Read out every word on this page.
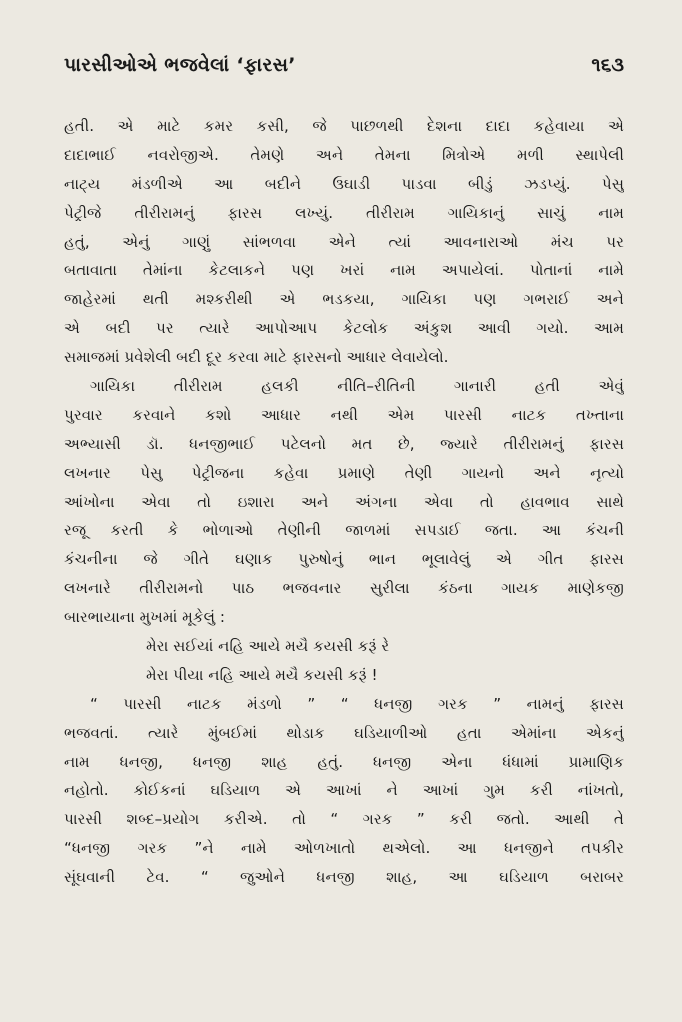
પારસીઓએ ભજવેલાં ‘ફારસ’	૧૬૩
હતી. એ માટે કમર કસી, જે પાછળથી દેશના દાદા કહેવાયા એ
દાદાભાઈ નવરોજીએ. તેમણે અને તેમના મિત્રોએ મળી સ્થાપેલી
નાટ્ય મંડળીએ આ બદીને ઉઘાડી પાડવા બીડું ઝડપ્યું. પેસુ
પેટ્રીજે તીરીરામનું ફારસ લખ્યું. તીરીરામ ગાયિકાનું સાચું નામ
હતું, એનું ગાણું સાંભળવા એને ત્યાં આવનારાઓ મંચ પર
બતાવાતા તેમાંના કેટલાકને પણ ખરાં નામ અપાયેલાં. પોતાનાં નામે
જાહેરમાં થતી મશ્કરીથી એ ભડકયા, ગાયિકા પણ ગભરાઈ અને
એ બદી પર ત્યારે આપોઆપ કેટલોક અંકુશ આવી ગયો. આમ
સમાજમાં પ્રવેશેલી બદી દૂર કરવા માટે ફારસનો આધાર લેવાયેલો.
ગાયિકા તીરીરામ હલકી નીતિ–રીતિની ગાનારી હતી એવું
પુરવાર કરવાને કશો આધાર નથી એમ પારસી નાટક તખ્તાના
અભ્યાસી ડૉ. ધનજીભાઈ પટેલનો મત છે, જ્યારે તીરીરામનું ફારસ
લખનાર પેસુ પેટ્રીજના કહેવા પ્રમાણે તેણી ગાયનો અને નૃત્યો
આંખોના એવા તો ઇશારા અને અંગના એવા તો હાવભાવ સાથે
રજૂ કરતી કે ભોળાઓ તેણીની જાળમાં સપડાઈ જતા. આ કંચની
કંચનીના જે ગીતે ઘણાક પુરુષોનું ભાન ભૂલાવેલું એ ગીત ફારસ
લખનારે તીરીરામનો પાઠ ભજવનાર સુરીલા કંઠના ગાયક માણેકજી
બારભાયાના મુખમાં મૂકેલું :
મેરા સઈયાં નહિ આયે મયૈ કયસી કરૂં રે
મેરા પીયા નહિ આયે મયૈ કયસી કરૂં !
“ પારસી નાટક મંડળો ” “ ધનજી ગરક ” નામનું ફારસ
ભજવતાં. ત્યારે મુંબઈમાં થોડાક ઘડિયાળીઓ હતા એમાંના એકનું
નામ ધનજી, ધનજી શાહ હતું. ધનજી એના ધંધામાં પ્રામાણિક
નહોતો. કોઈકનાં ઘડિયાળ એ આખાં ને આખાં ગુમ કરી નાંખતો,
પારસી શબ્દ–પ્રયોગ કરીએ. તો “ ગરક ” કરી જતો. આથી તે
“ધનજી ગરક ”ને નામે ઓળખાતો થએલો. આ ધનજીને તપકીર
સૂંઘવાની ટેવ. “ જુઓને ધનજી શાહ, આ ઘડિયાળ બરાબર
